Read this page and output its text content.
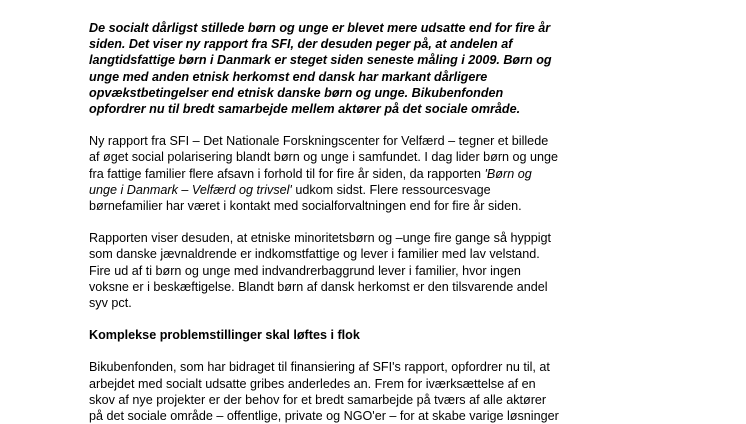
De socialt dårligst stillede børn og unge er blevet mere udsatte end for fire år
siden. Det viser ny rapport fra SFI, der desuden peger på, at andelen af
langtidsfattige børn i Danmark er steget siden seneste måling i 2009. Børn og
unge med anden etnisk herkomst end dansk har markant dårligere
opvækstbetingelser end etnisk danske børn og unge. Bikubenfonden
opfordrer nu til bredt samarbejde mellem aktører på det sociale område.

Ny rapport fra SFI – Det Nationale Forskningscenter for Velfærd – tegner et billede
af øget social polarisering blandt børn og unge i samfundet. I dag lider børn og unge
fra fattige familier flere afsavn i forhold til for fire år siden, da rapporten 'Børn og
unge i Danmark – Velfærd og trivsel' udkom sidst. Flere ressourcesvage
børnefamilier har været i kontakt med socialforvaltningen end for fire år siden.

Rapporten viser desuden, at etniske minoritetsbørn og –unge fire gange så hyppigt
som danske jævnaldrende er indkomstfattige og lever i familier med lav velstand.
Fire ud af ti børn og unge med indvandrerbaggrund lever i familier, hvor ingen
voksne er i beskæftigelse. Blandt børn af dansk herkomst er den tilsvarende andel
syv pct.

Komplekse problemstillinger skal løftes i flok

Bikubenfonden, som har bidraget til finansiering af SFI's rapport, opfordrer nu til, at
arbejdet med socialt udsatte gribes anderledes an. Frem for iværksættelse af en
skov af nye projekter er der behov for et bredt samarbejde på tværs af alle aktører
på det sociale område – offentlige, private og NGO'er – for at skabe varige løsninger
